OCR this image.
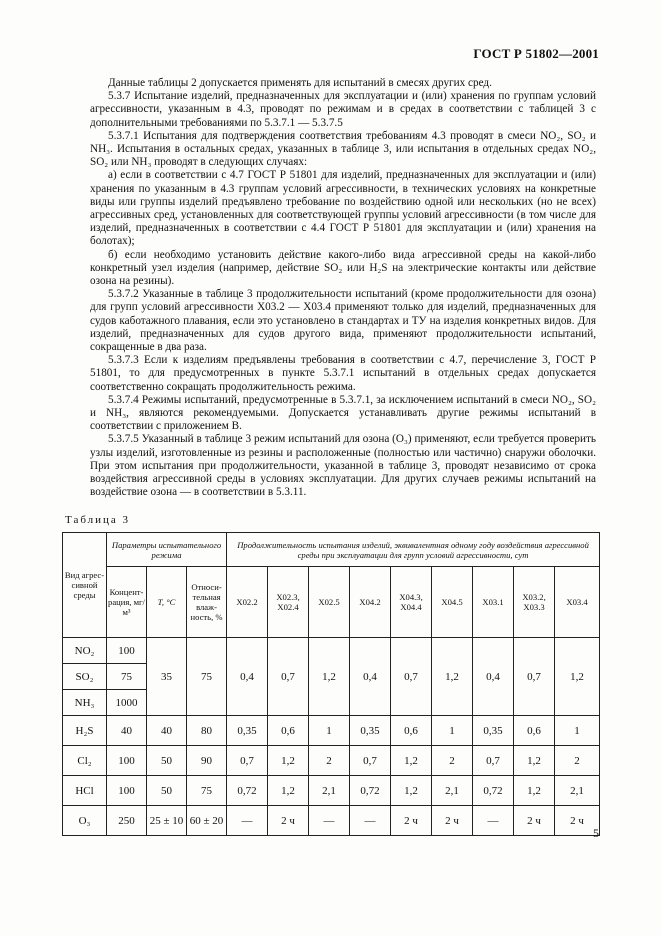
ГОСТ Р 51802—2001

Данные таблицы 2 допускается применять для испытаний в смесях других сред.

5.3.7 Испытание изделий, предназначенных для эксплуатации и (или) хранения по группам условий агрессивности, указанным в 4.3, проводят по режимам и в средах в соответствии с таблицей 3 с дополнительными требованиями по 5.3.7.1 — 5.3.7.5

5.3.7.1 Испытания для подтверждения соответствия требованиям 4.3 проводят в смеси NO₂, SO₂ и NH₃. Испытания в остальных средах, указанных в таблице 3, или испытания в отдельных средах NO₂, SO₂ или NH₃ проводят в следующих случаях:

а) если в соответствии с 4.7 ГОСТ Р 51801 для изделий, предназначенных для эксплуатации и (или) хранения по указанным в 4.3 группам условий агрессивности, в технических условиях на конкретные виды или группы изделий предъявлено требование по воздействию одной или нескольких (но не всех) агрессивных сред, установленных для соответствующей группы условий агрессивности (в том числе для изделий, предназначенных в соответствии с 4.4 ГОСТ Р 51801 для эксплуатации и (или) хранения на болотах);

б) если необходимо установить действие какого-либо вида агрессивной среды на какой-либо конкретный узел изделия (например, действие SO₂ или H₂S на электрические контакты или действие озона на резины).

5.3.7.2 Указанные в таблице 3 продолжительности испытаний (кроме продолжительности для озона) для групп условий агрессивности Х03.2 — Х03.4 применяют только для изделий, предназначенных для судов каботажного плавания, если это установлено в стандартах и ТУ на изделия конкретных видов. Для изделий, предназначенных для судов другого вида, применяют продолжительности испытаний, сокращенные в два раза.

5.3.7.3 Если к изделиям предъявлены требования в соответствии с 4.7, перечисление 3, ГОСТ Р 51801, то для предусмотренных в пункте 5.3.7.1 испытаний в отдельных средах допускается соответственно сокращать продолжительность режима.

5.3.7.4 Режимы испытаний, предусмотренные в 5.3.7.1, за исключением испытаний в смеси NO₂, SO₂ и NH₃, являются рекомендуемыми. Допускается устанавливать другие режимы испытаний в соответствии с приложением В.

5.3.7.5 Указанный в таблице 3 режим испытаний для озона (О₃) применяют, если требуется проверить узлы изделий, изготовленные из резины и расположенные (полностью или частично) снаружи оболочки. При этом испытания при продолжительности, указанной в таблице 3, проводят независимо от срока воздействия агрессивной среды в условиях эксплуатации. Для других случаев режимы испытаний на воздействие озона — в соответствии в 5.3.11.

Таблица 3
Вид агрессивной среды	Параметры испытательного режима			Продолжительность испытания изделий, эквивалентная одному году воздействия агрессивной среды при эксплуатации для групп условий агрессивности, сут								
	Концентрация, мг/м³	Т, °С	Относительная влажность, %	Х02.2	Х02.3, Х02.4	Х02.5	Х04.2	Х04.3, Х04.4	Х04.5	Х03.1	Х03.2, Х03.3	Х03.4
NO₂	100	35	75	0,4	0,7	1,2	0,4	0,7	1,2	0,4	0,7	1,2
SO₂	75											
NH₃	1000											
H₂S	40	40	80	0,35	0,6	1	0,35	0,6	1	0,35	0,6	1
Cl₂	100	50	90	0,7	1,2	2	0,7	1,2	2	0,7	1,2	2
HCl	100	50	75	0,72	1,2	2,1	0,72	1,2	2,1	0,72	1,2	2,1
O₃	250	25 ± 10	60 ± 20	—	2 ч	—	—	2 ч	2 ч	—	2 ч	2 ч
5
